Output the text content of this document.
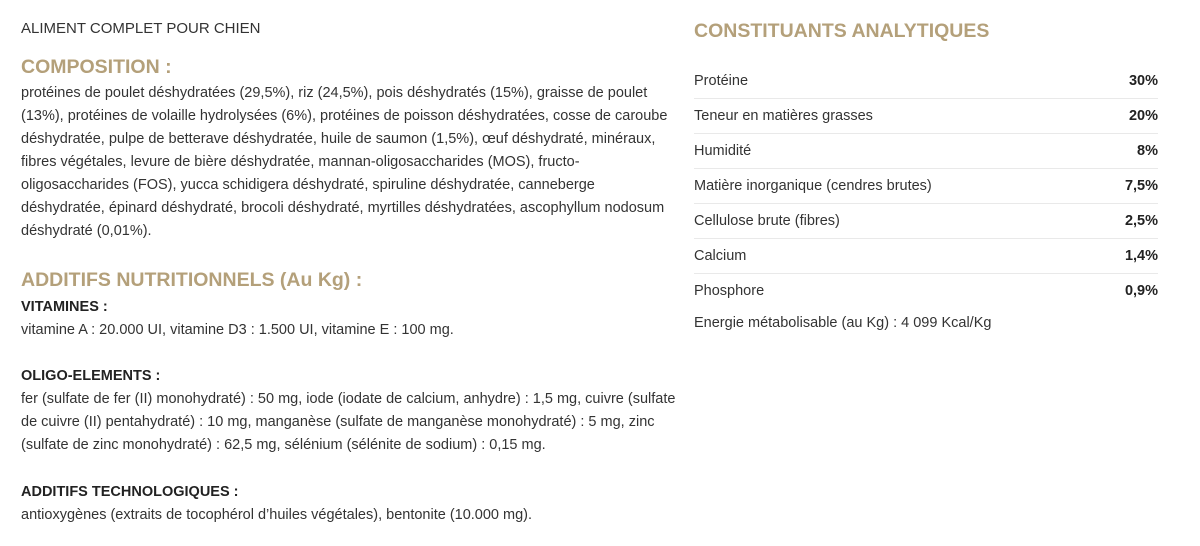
ALIMENT COMPLET POUR CHIEN
COMPOSITION :

protéines de poulet déshydratées (29,5%), riz (24,5%), pois déshydratés (15%), graisse de poulet (13%), protéines de volaille hydrolysées (6%), protéines de poisson déshydratées, cosse de caroube déshydratée, pulpe de betterave déshydratée, huile de saumon (1,5%), œuf déshydraté, minéraux, fibres végétales, levure de bière déshydratée, mannan-oligosaccharides (MOS), fructo-oligosaccharides (FOS), yucca schidigera déshydraté, spiruline déshydratée, canneberge déshydratée, épinard déshydraté, brocoli déshydraté, myrtilles déshydratées, ascophyllum nodosum déshydraté (0,01%).

ADDITIFS NUTRITIONNELS (Au Kg) :

VITAMINES :

vitamine A : 20.000 UI, vitamine D3 : 1.500 UI, vitamine E : 100 mg.

OLIGO-ELEMENTS :

fer (sulfate de fer (II) monohydraté) : 50 mg, iode (iodate de calcium, anhydre) : 1,5 mg, cuivre (sulfate de cuivre (II) pentahydraté) : 10 mg, manganèse (sulfate de manganèse monohydraté) : 5 mg, zinc (sulfate de zinc monohydraté) : 62,5 mg, sélénium (sélénite de sodium) : 0,15 mg.

ADDITIFS TECHNOLOGIQUES :

antioxygènes (extraits de tocophérol d’huiles végétales), bentonite (10.000 mg).

CONSTITUANTS ANALYTIQUES
Protéine	30%
Teneur en matières grasses	20%
Humidité	8%
Matière inorganique (cendres brutes)	7,5%
Cellulose brute (fibres)	2,5%
Calcium	1,4%
Phosphore	0,9%
Energie métabolisable (au Kg) : 4 099 Kcal/Kg
